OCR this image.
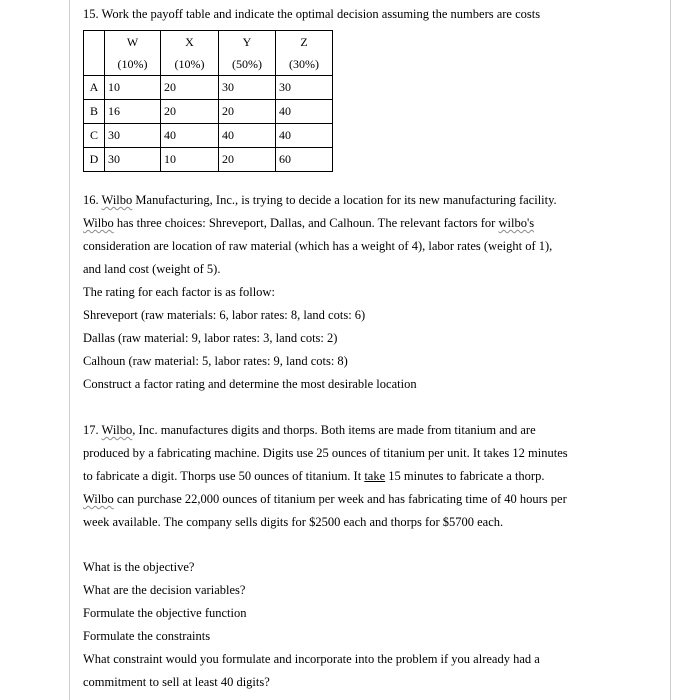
15. Work the payoff table and indicate the optimal decision assuming the numbers are costs
	W	X	Y	Z
	(10%)	(10%)	(50%)	(30%)
A	10	20	30	30
B	16	20	20	40
C	30	40	40	40
D	30	10	20	60
16. Wilbo Manufacturing, Inc., is trying to decide a location for its new manufacturing facility.
Wilbo has three choices: Shreveport, Dallas, and Calhoun. The relevant factors for wilbo's
consideration are location of raw material (which has a weight of 4), labor rates (weight of 1),
and land cost (weight of 5).
The rating for each factor is as follow:
Shreveport (raw materials: 6, labor rates: 8, land cots: 6)
Dallas (raw material: 9, labor rates: 3, land cots: 2)
Calhoun (raw material: 5, labor rates: 9, land cots: 8)
Construct a factor rating and determine the most desirable location
17. Wilbo, Inc. manufactures digits and thorps. Both items are made from titanium and are
produced by a fabricating machine. Digits use 25 ounces of titanium per unit. It takes 12 minutes
to fabricate a digit. Thorps use 50 ounces of titanium. It take 15 minutes to fabricate a thorp.
Wilbo can purchase 22,000 ounces of titanium per week and has fabricating time of 40 hours per
week available. The company sells digits for $2500 each and thorps for $5700 each.
What is the objective?
What are the decision variables?
Formulate the objective function
Formulate the constraints
What constraint would you formulate and incorporate into the problem if you already had a
commitment to sell at least 40 digits?
